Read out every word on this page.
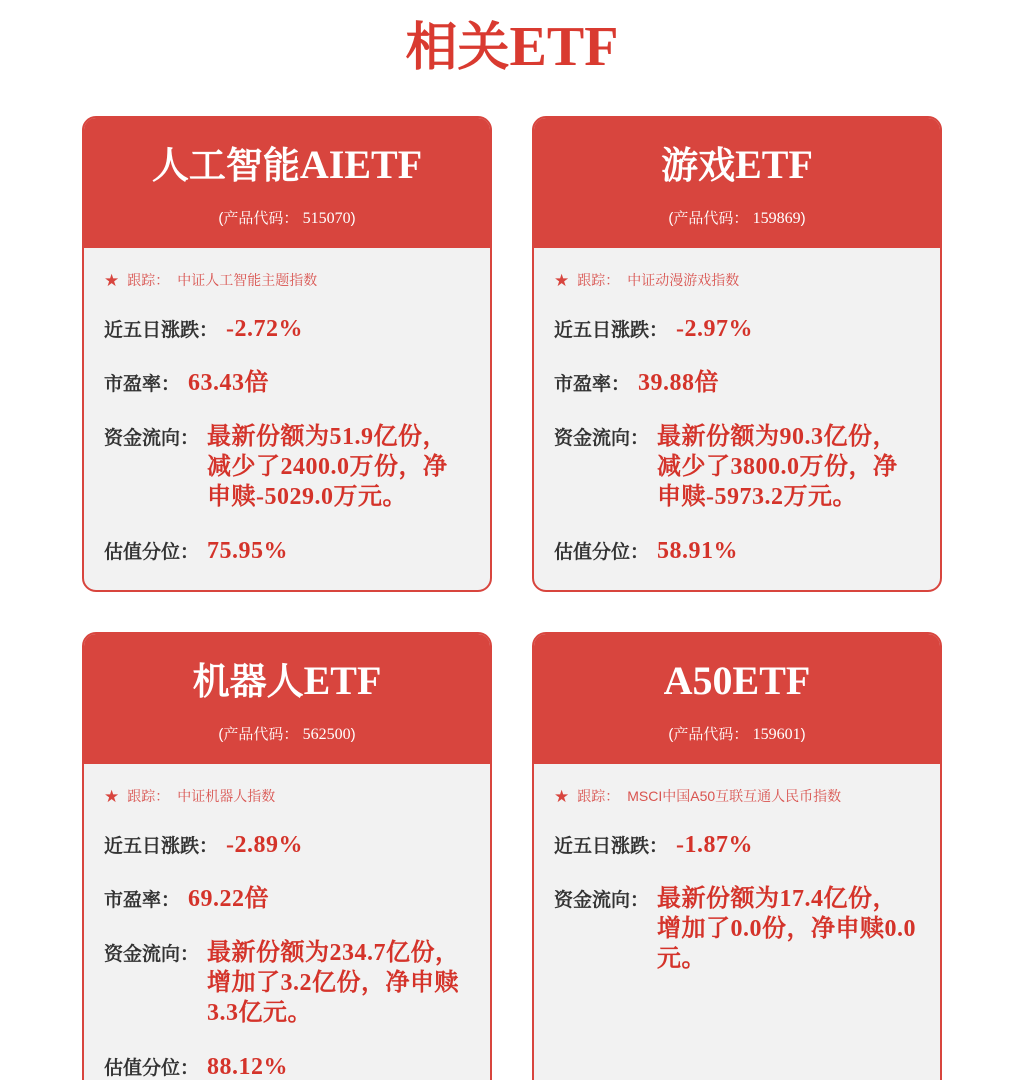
相关ETF
人工智能AIETF
(产品代码： 515070)
★ 跟踪： 中证人工智能主题指数
近五日涨跌： -2.72%
市盈率： 63.43倍
资金流向： 最新份额为51.9亿份，减少了2400.0万份，净申赎-5029.0万元。
估值分位： 75.95%
游戏ETF
(产品代码： 159869)
★ 跟踪： 中证动漫游戏指数
近五日涨跌： -2.97%
市盈率： 39.88倍
资金流向： 最新份额为90.3亿份，减少了3800.0万份，净申赎-5973.2万元。
估值分位： 58.91%
机器人ETF
(产品代码： 562500)
★ 跟踪： 中证机器人指数
近五日涨跌： -2.89%
市盈率： 69.22倍
资金流向： 最新份额为234.7亿份，增加了3.2亿份，净申赎3.3亿元。
估值分位： 88.12%
A50ETF
(产品代码： 159601)
★ 跟踪： MSCI中国A50互联互通人民币指数
近五日涨跌： -1.87%
资金流向： 最新份额为17.4亿份，增加了0.0份，净申赎0.0元。
